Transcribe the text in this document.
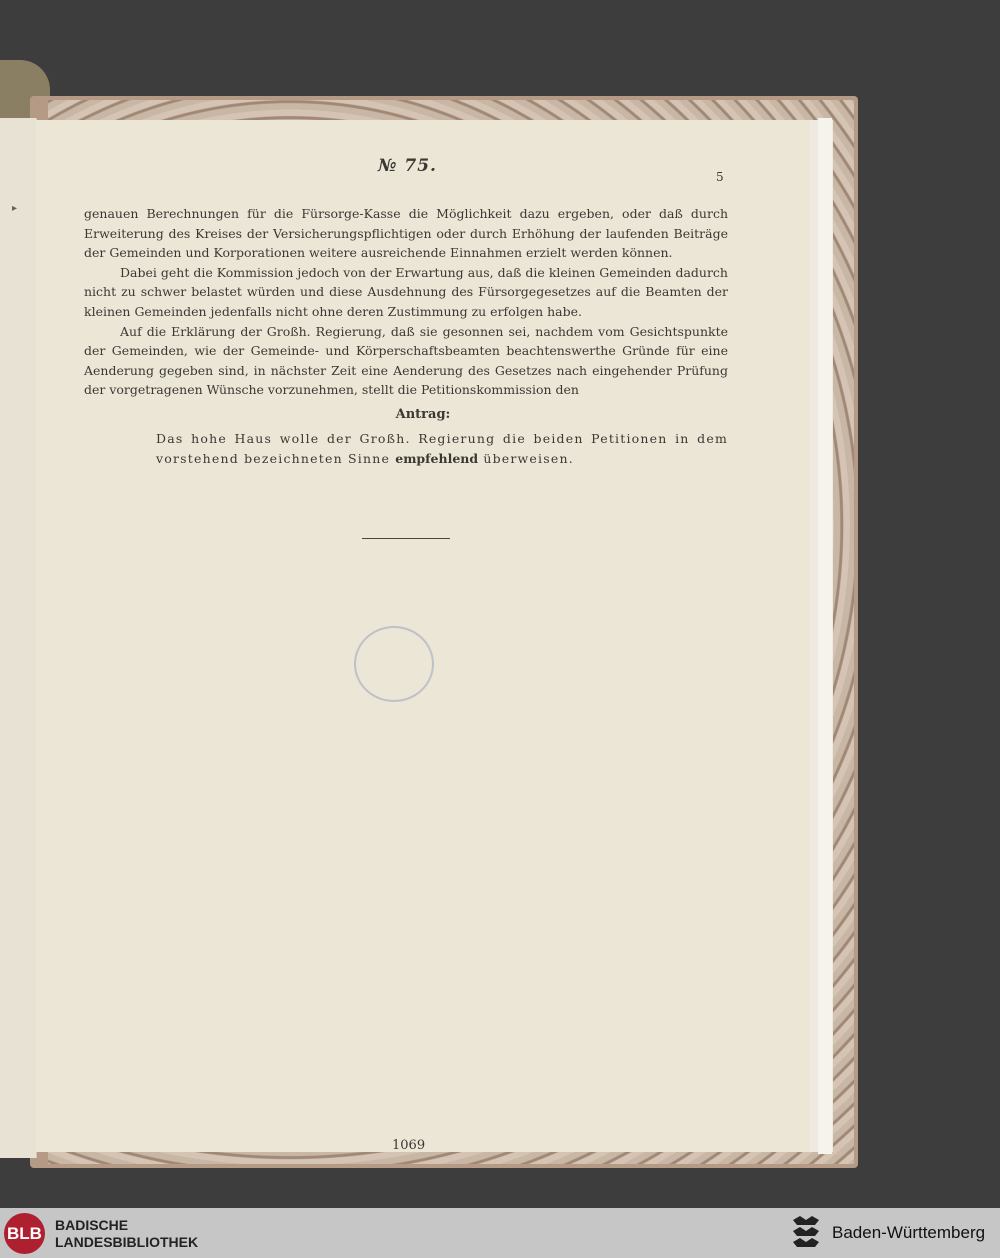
▸
№ 75.
5

genauen Berechnungen für die Fürsorge-Kasse die Möglichkeit dazu ergeben, oder daß durch Erweiterung des Kreises der Versicherungspflichtigen oder durch Erhöhung der laufenden Beiträge der Gemeinden und Korporationen weitere ausreichende Einnahmen erzielt werden können.

Dabei geht die Kommission jedoch von der Erwartung aus, daß die kleinen Gemeinden dadurch nicht zu schwer belastet würden und diese Ausdehnung des Fürsorgegesetzes auf die Beamten der kleinen Gemeinden jedenfalls nicht ohne deren Zustimmung zu erfolgen habe.

Auf die Erklärung der Großh. Regierung, daß sie gesonnen sei, nachdem vom Gesichtspunkte der Gemeinden, wie der Gemeinde- und Körperschaftsbeamten beachtenswerthe Gründe für eine Aenderung gegeben sind, in nächster Zeit eine Aenderung des Gesetzes nach eingehender Prüfung der vorgetragenen Wünsche vorzunehmen, stellt die Petitionskommission den

Antrag:
Das hohe Haus wolle der Großh. Regierung die beiden Petitionen in dem vorstehend bezeichneten Sinne empfehlend überweisen.
1069
BLB BADISCHE
LANDESBIBLIOTHEK	Baden-Württemberg
